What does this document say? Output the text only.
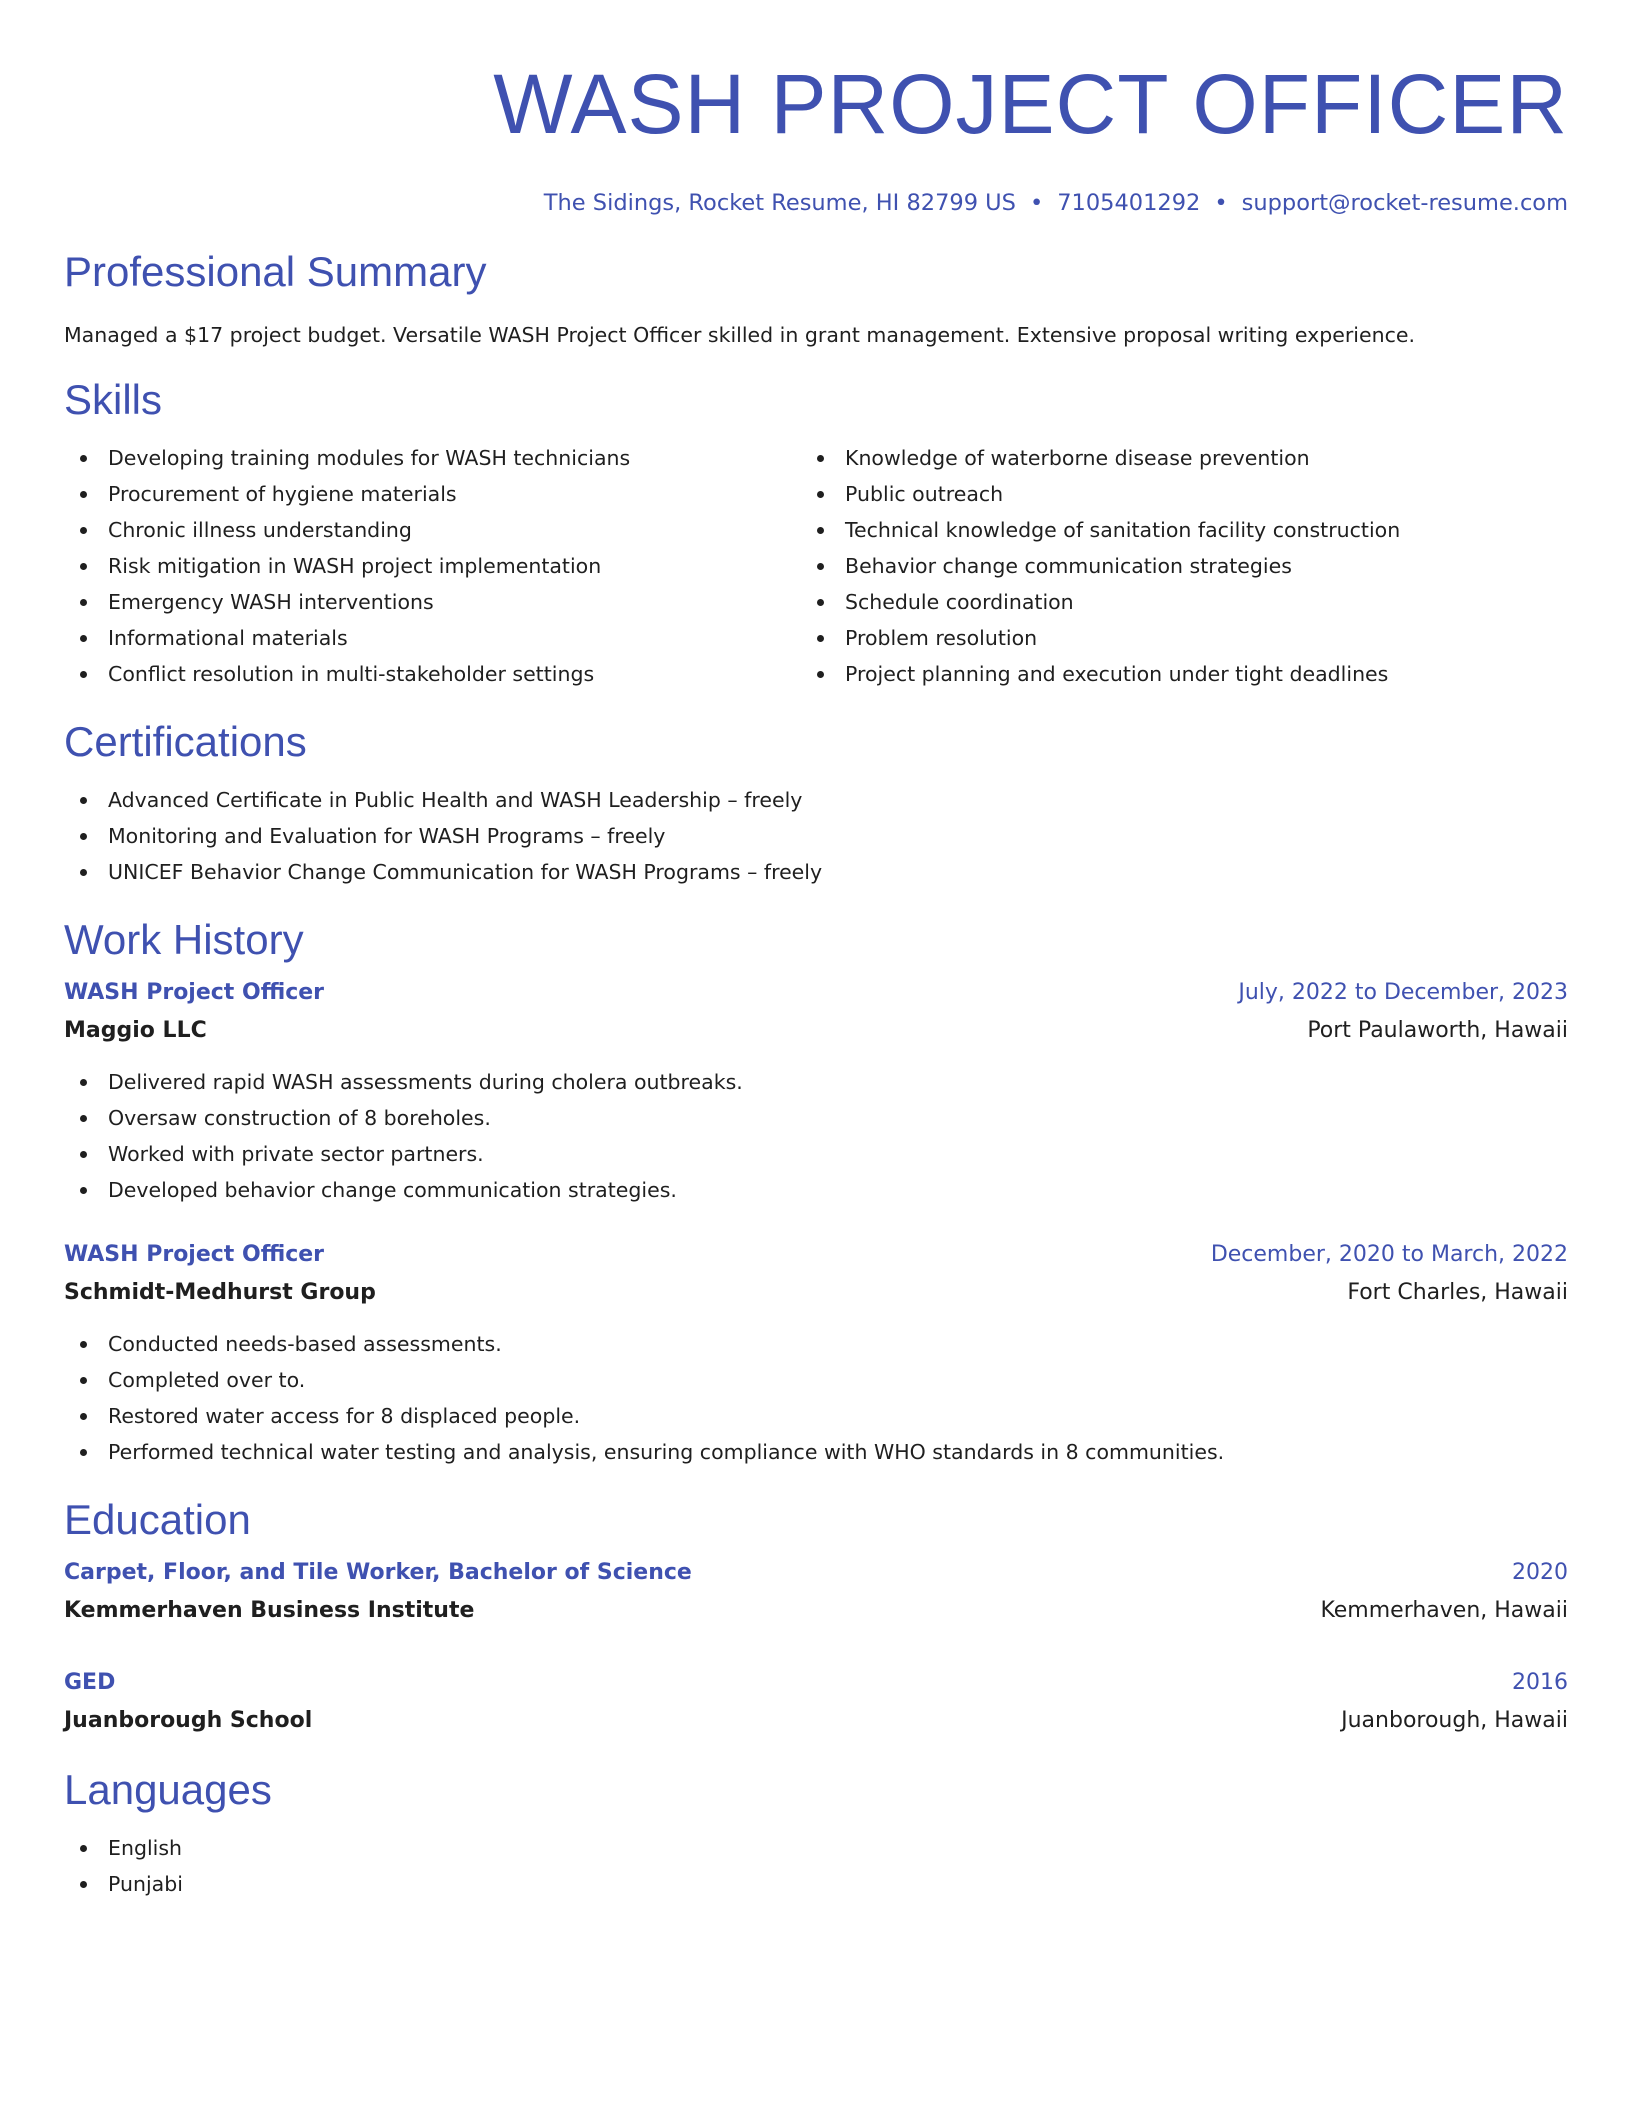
WASH PROJECT OFFICER
The Sidings, Rocket Resume, HI 82799 US • 7105401292 • support@rocket-resume.com
Professional Summary

Managed a $17 project budget. Versatile WASH Project Officer skilled in grant management. Extensive proposal writing experience.

Skills
Developing training modules for WASH technicians
Procurement of hygiene materials
Chronic illness understanding
Risk mitigation in WASH project implementation
Emergency WASH interventions
Informational materials
Conflict resolution in multi-stakeholder settings
Knowledge of waterborne disease prevention
Public outreach
Technical knowledge of sanitation facility construction
Behavior change communication strategies
Schedule coordination
Problem resolution
Project planning and execution under tight deadlines
Certifications
Advanced Certificate in Public Health and WASH Leadership – freely
Monitoring and Evaluation for WASH Programs – freely
UNICEF Behavior Change Communication for WASH Programs – freely
Work History
WASH Project Officer	July, 2022 to December, 2023
Maggio LLC	Port Paulaworth, Hawaii
Delivered rapid WASH assessments during cholera outbreaks.
Oversaw construction of 8 boreholes.
Worked with private sector partners.
Developed behavior change communication strategies.
WASH Project Officer	December, 2020 to March, 2022
Schmidt-Medhurst Group	Fort Charles, Hawaii
Conducted needs-based assessments.
Completed over to.
Restored water access for 8 displaced people.
Performed technical water testing and analysis, ensuring compliance with WHO standards in 8 communities.
Education
Carpet, Floor, and Tile Worker, Bachelor of Science	2020
Kemmerhaven Business Institute	Kemmerhaven, Hawaii
GED	2016
Juanborough School	Juanborough, Hawaii
Languages
English
Punjabi
